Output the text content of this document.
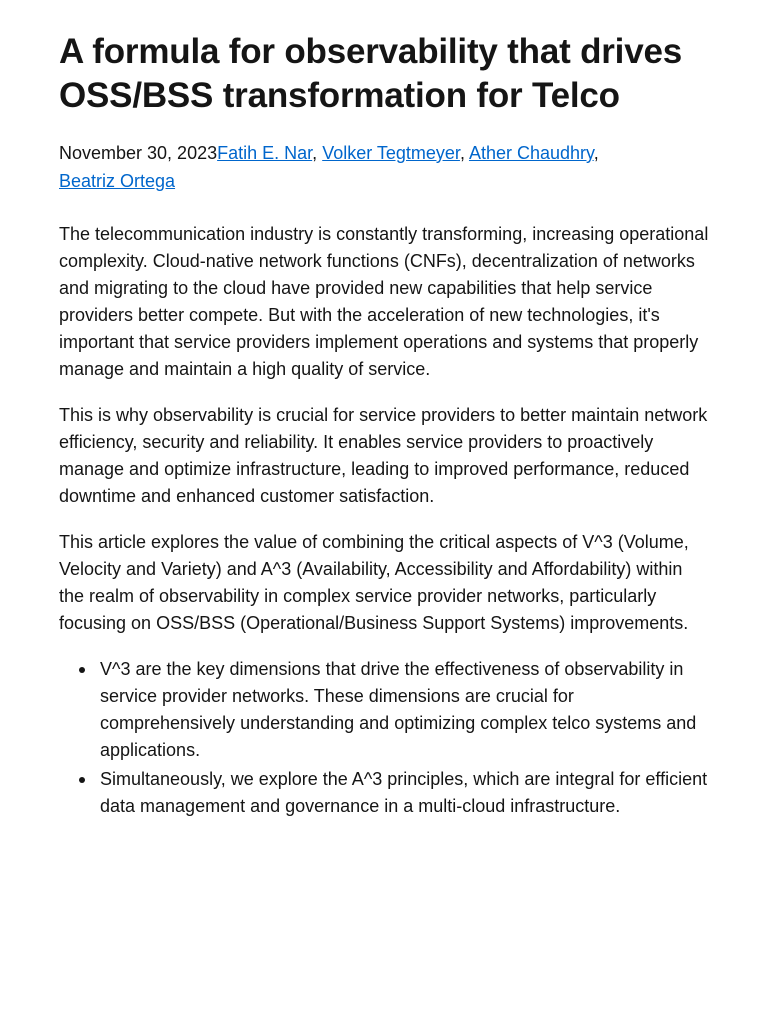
A formula for observability that drives OSS/BSS transformation for Telco
November 30, 2023Fatih E. Nar, Volker Tegtmeyer, Ather Chaudhry,
Beatriz Ortega

The telecommunication industry is constantly transforming, increasing operational complexity. Cloud-native network functions (CNFs), decentralization of networks and migrating to the cloud have provided new capabilities that help service providers better compete. But with the acceleration of new technologies, it's important that service providers implement operations and systems that properly manage and maintain a high quality of service.

This is why observability is crucial for service providers to better maintain network efficiency, security and reliability. It enables service providers to proactively manage and optimize infrastructure, leading to improved performance, reduced downtime and enhanced customer satisfaction.

This article explores the value of combining the critical aspects of V^3 (Volume, Velocity and Variety) and A^3 (Availability, Accessibility and Affordability) within the realm of observability in complex service provider networks, particularly focusing on OSS/BSS (Operational/Business Support Systems) improvements.

V^3 are the key dimensions that drive the effectiveness of observability in service provider networks. These dimensions are crucial for comprehensively understanding and optimizing complex telco systems and applications.
Simultaneously, we explore the A^3 principles, which are integral for efficient data management and governance in a multi-cloud infrastructure.
